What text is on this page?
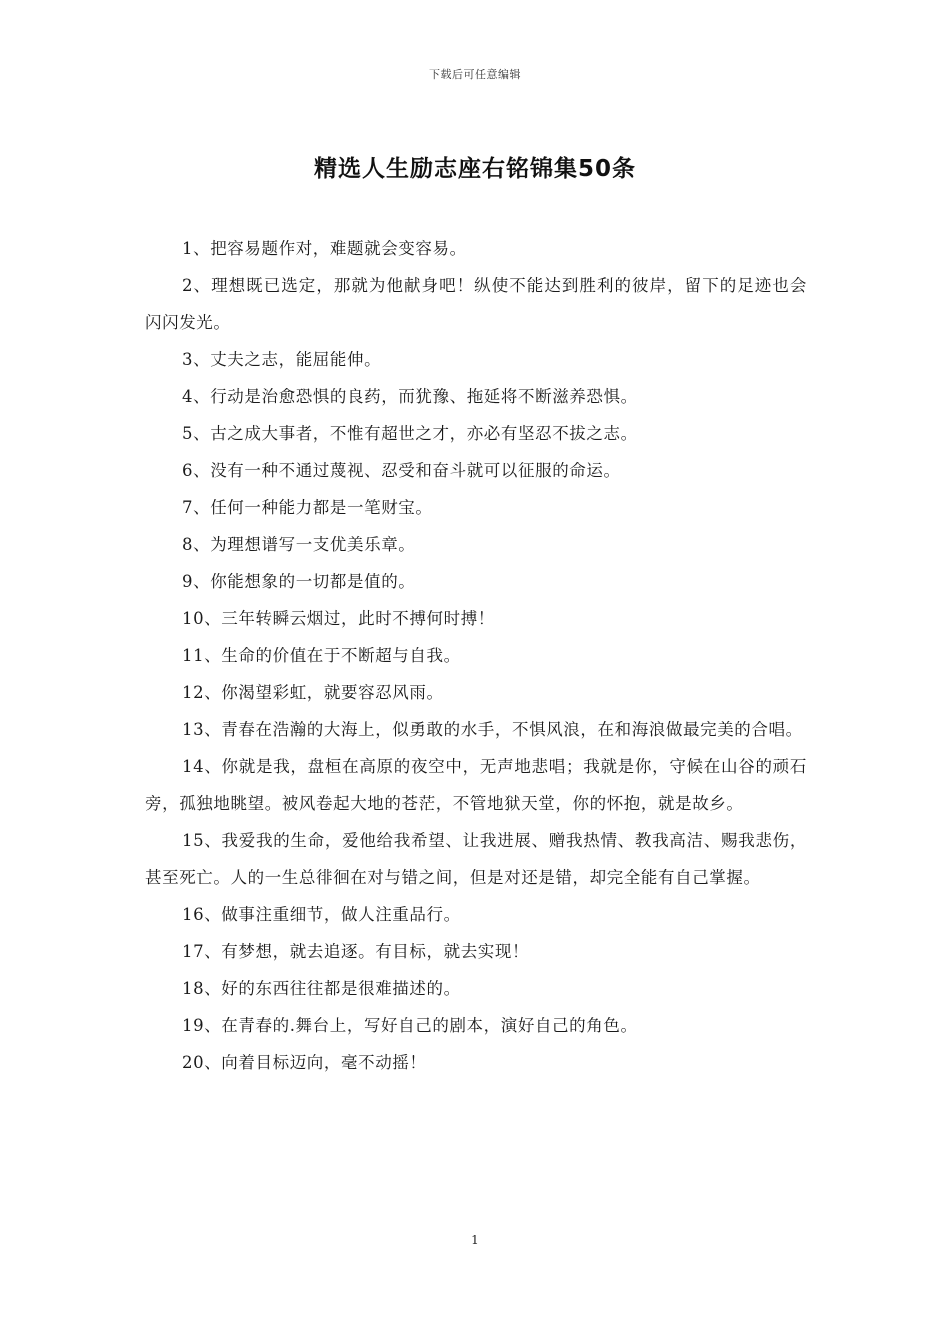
下载后可任意编辑
精选人生励志座右铭锦集50条

1、把容易题作对，难题就会变容易。

2、理想既已选定，那就为他献身吧！纵使不能达到胜利的彼岸，留下的足迹也会闪闪发光。

3、丈夫之志，能屈能伸。

4、行动是治愈恐惧的良药，而犹豫、拖延将不断滋养恐惧。

5、古之成大事者，不惟有超世之才，亦必有坚忍不拔之志。

6、没有一种不通过蔑视、忍受和奋斗就可以征服的命运。

7、任何一种能力都是一笔财宝。

8、为理想谱写一支优美乐章。

9、你能想象的一切都是值的。

10、三年转瞬云烟过，此时不搏何时搏！

11、生命的价值在于不断超与自我。

12、你渴望彩虹，就要容忍风雨。

13、青春在浩瀚的大海上，似勇敢的水手，不惧风浪，在和海浪做最完美的合唱。

14、你就是我，盘桓在高原的夜空中，无声地悲唱；我就是你，守候在山谷的顽石旁，孤独地眺望。被风卷起大地的苍茫，不管地狱天堂，你的怀抱，就是故乡。

15、我爱我的生命，爱他给我希望、让我进展、赠我热情、教我高洁、赐我悲伤，甚至死亡。人的一生总徘徊在对与错之间，但是对还是错，却完全能有自己掌握。

16、做事注重细节，做人注重品行。

17、有梦想，就去追逐。有目标，就去实现！

18、好的东西往往都是很难描述的。

19、在青春的.舞台上，写好自己的剧本，演好自己的角色。

20、向着目标迈向，毫不动摇！

1
